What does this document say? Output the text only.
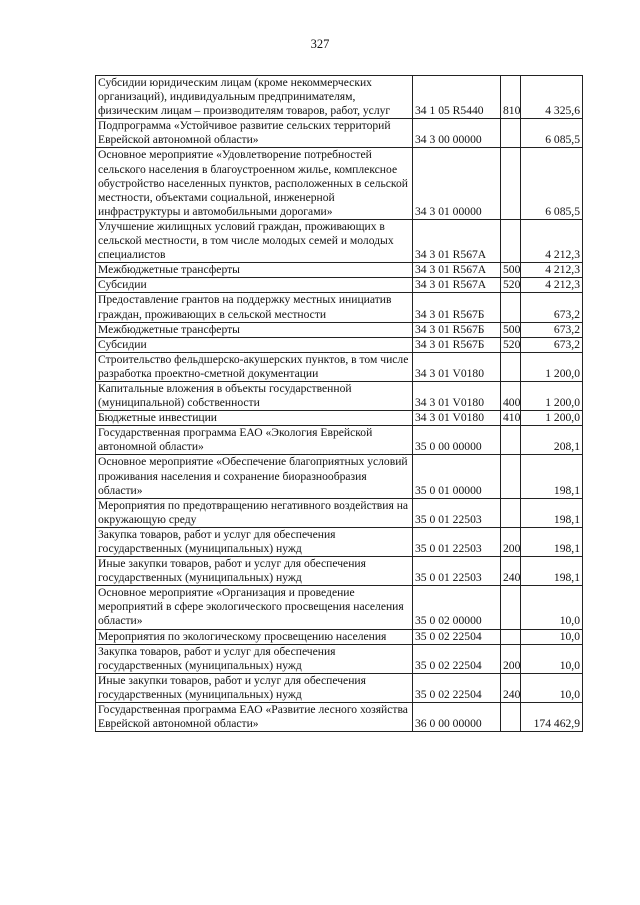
327
Субсидии юридическим лицам (кроме некоммерческих организаций), индивидуальным предпринимателям, физическим лицам – производителям товаров, работ, услуг	34 1 05 R5440	810	4 325,6
Подпрограмма «Устойчивое развитие сельских территорий Еврейской автономной области»	34 3 00 00000		6 085,5
Основное мероприятие «Удовлетворение потребностей сельского населения в благоустроенном жилье, комплексное обустройство населенных пунктов, расположенных в сельской местности, объектами социальной, инженерной инфраструктуры и автомобильными дорогами»	34 3 01 00000		6 085,5
Улучшение жилищных условий граждан, проживающих в сельской местности, в том числе молодых семей и молодых специалистов	34 3 01 R567A		4 212,3
Межбюджетные трансферты	34 3 01 R567A	500	4 212,3
Субсидии	34 3 01 R567A	520	4 212,3
Предоставление грантов на поддержку местных инициатив граждан, проживающих в сельской местности	34 3 01 R567Б		673,2
Межбюджетные трансферты	34 3 01 R567Б	500	673,2
Субсидии	34 3 01 R567Б	520	673,2
Строительство фельдшерско-акушерских пунктов, в том числе разработка проектно-сметной документации	34 3 01 V0180		1 200,0
Капитальные вложения в объекты государственной (муниципальной) собственности	34 3 01 V0180	400	1 200,0
Бюджетные инвестиции	34 3 01 V0180	410	1 200,0
Государственная программа ЕАО «Экология Еврейской автономной области»	35 0 00 00000		208,1
Основное мероприятие «Обеспечение благоприятных условий проживания населения и сохранение биоразнообразия области»	35 0 01 00000		198,1
Мероприятия по предотвращению негативного воздействия на окружающую среду	35 0 01 22503		198,1
Закупка товаров, работ и услуг для обеспечения государственных (муниципальных) нужд	35 0 01 22503	200	198,1
Иные закупки товаров, работ и услуг для обеспечения государственных (муниципальных) нужд	35 0 01 22503	240	198,1
Основное мероприятие «Организация и проведение мероприятий в сфере экологического просвещения населения области»	35 0 02 00000		10,0
Мероприятия по экологическому просвещению населения	35 0 02 22504		10,0
Закупка товаров, работ и услуг для обеспечения государственных (муниципальных) нужд	35 0 02 22504	200	10,0
Иные закупки товаров, работ и услуг для обеспечения государственных (муниципальных) нужд	35 0 02 22504	240	10,0
Государственная программа ЕАО «Развитие лесного хозяйства Еврейской автономной области»	36 0 00 00000		174 462,9
